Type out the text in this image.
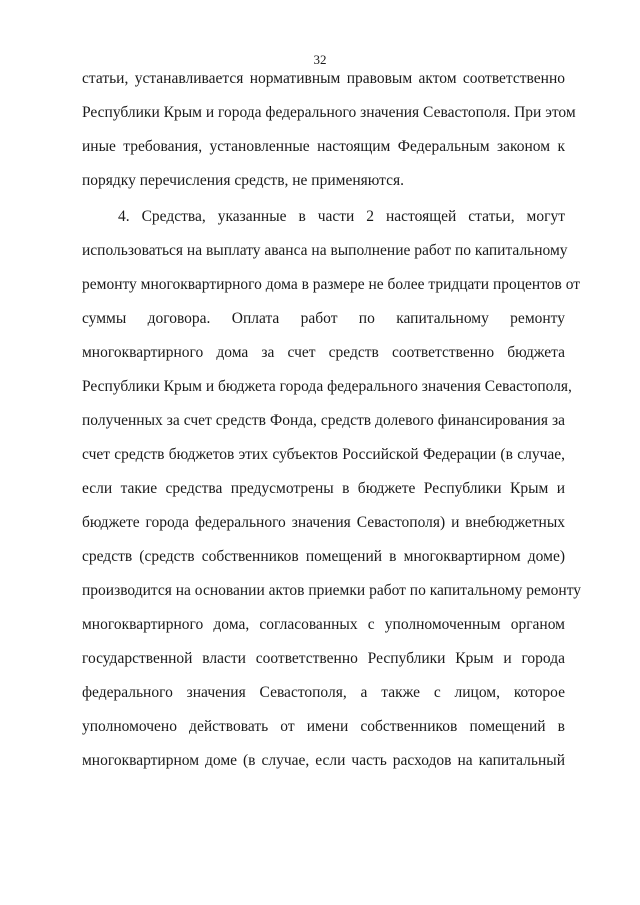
32
статьи, устанавливается нормативным правовым актом соответственно
Республики Крым и города федерального значения Севастополя. При этом
иные требования, установленные настоящим Федеральным законом к
порядку перечисления средств, не применяются.
4. Средства, указанные в части 2 настоящей статьи, могут
использоваться на выплату аванса на выполнение работ по капитальному
ремонту многоквартирного дома в размере не более тридцати процентов от
суммы договора. Оплата работ по капитальному ремонту
многоквартирного дома за счет средств соответственно бюджета
Республики Крым и бюджета города федерального значения Севастополя,
полученных за счет средств Фонда, средств долевого финансирования за
счет средств бюджетов этих субъектов Российской Федерации (в случае,
если такие средства предусмотрены в бюджете Республики Крым и
бюджете города федерального значения Севастополя) и внебюджетных
средств (средств собственников помещений в многоквартирном доме)
производится на основании актов приемки работ по капитальному ремонту
многоквартирного дома, согласованных с уполномоченным органом
государственной власти соответственно Республики Крым и города
федерального значения Севастополя, а также с лицом, которое
уполномочено действовать от имени собственников помещений в
многоквартирном доме (в случае, если часть расходов на капитальный
